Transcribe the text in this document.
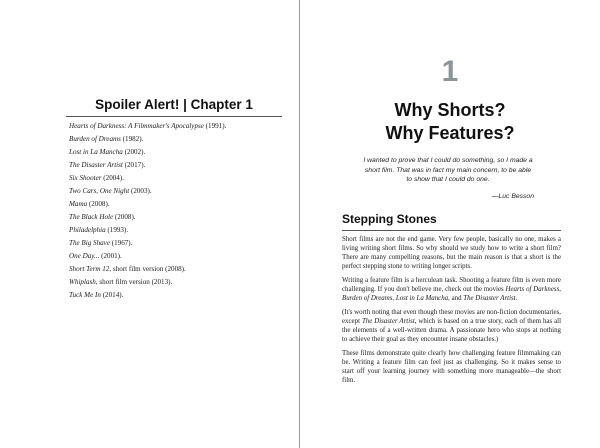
Spoiler Alert! | Chapter 1
Hearts of Darkness: A Filmmaker's Apocalypse (1991).
Burden of Dreams (1982).
Lost in La Mancha (2002).
The Disaster Artist (2017).
Six Shooter (2004).
Two Cars, One Night (2003).
Mama (2008).
The Black Hole (2008).
Philadelphia (1993).
The Big Shave (1967).
One Day... (2001).
Short Term 12, short film version (2008).
Whiplash, short film version (2013).
Tuck Me In (2014).
1
Why Shorts?
Why Features?
I wanted to prove that I could do something, so I made a short film. That was in fact my main concern, to be able to show that I could do one.
—Luc Besson
Stepping Stones

Short films are not the end game. Very few people, basically no one, makes a living writing short films. So why should we study how to write a short film? There are many compelling reasons, but the main reason is that a short is the perfect stepping stone to writing longer scripts.

Writing a feature film is a herculean task. Shooting a feature film is even more challenging. If you don't believe me, check out the movies Hearts of Darkness, Burden of Dreams, Lost in La Mancha, and The Disaster Artist.

(It's worth noting that even though these movies are non-fiction documentaries, except The Disaster Artist, which is based on a true story, each of them has all the elements of a well-written drama. A passionate hero who stops at nothing to achieve their goal as they encounter insane obstacles.)

These films demonstrate quite clearly how challenging feature filmmaking can be. Writing a feature film can feel just as challenging. So it makes sense to start off your learning journey with something more manageable—the short film.
